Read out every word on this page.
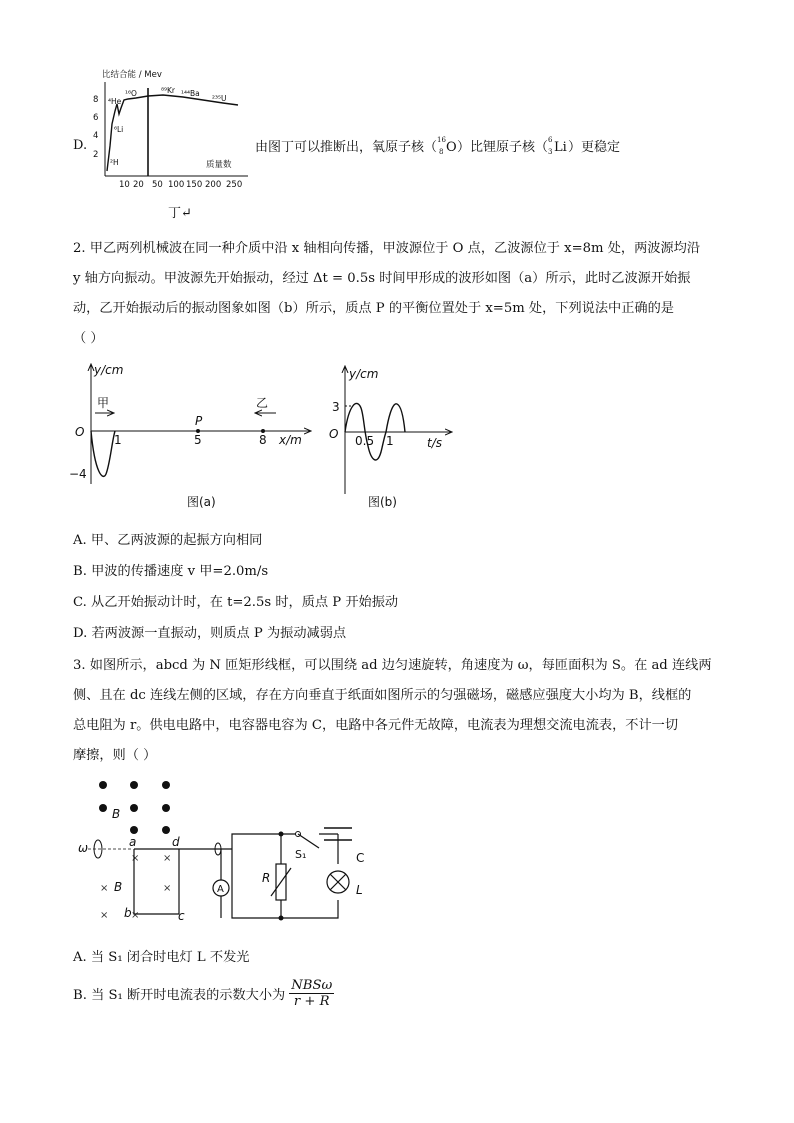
D.
比结合能 / Mev
8
6
4
2
10 20 50 100 150 200 250
质量数
⁴He
¹⁶O
⁶Li
²H
⁸⁹Kr ¹⁴⁴Ba
²³⁵U
由图丁可以推断出，氧原子核（
16
8 O ）比锂原子核（
6
3 Li ）更稳定
丁↵
2. 甲乙两列机械波在同一种介质中沿 x 轴相向传播，甲波源位于 O 点，乙波源位于 x=8m 处，两波源均沿
y 轴方向振动。甲波源先开始振动，经过 Δt = 0.5s 时间甲形成的波形如图（a）所示，此时乙波源开始振
动，乙开始振动后的振动图象如图（b）所示，质点 P 的平衡位置处于 x=5m 处，下列说法中正确的是
（ ）
y/cm
O
甲	乙
P
1	5	8 x/m
−4
图(a)
y/cm
3
O 0.5 1	t/s
图(b)
A. 甲、乙两波源的起振方向相同
B. 甲波的传播速度 v 甲=2.0m/s
C. 从乙开始振动计时，在 t=2.5s 时，质点 P 开始振动
D. 若两波源一直振动，则质点 P 为振动减弱点
3. 如图所示，abcd 为 N 匝矩形线框，可以围绕 ad 边匀速旋转，角速度为 ω，每匝面积为 S。在 ad 连线两
侧、且在 dc 连线左侧的区域，存在方向垂直于纸面如图所示的匀强磁场，磁感应强度大小均为 B，线框的
总电阻为 r。供电电路中，电容器电容为 C，电路中各元件无故障，电流表为理想交流电流表，不计一切
摩擦，则（ ）
× ×
×	×
× ×
B
B
ω	a	d
b	c
A
R
S₁	C
L
A. 当 S₁ 闭合时电灯 L 不发光
B. 当 S₁ 断开时电流表的示数大小为
NBSω
r + R
